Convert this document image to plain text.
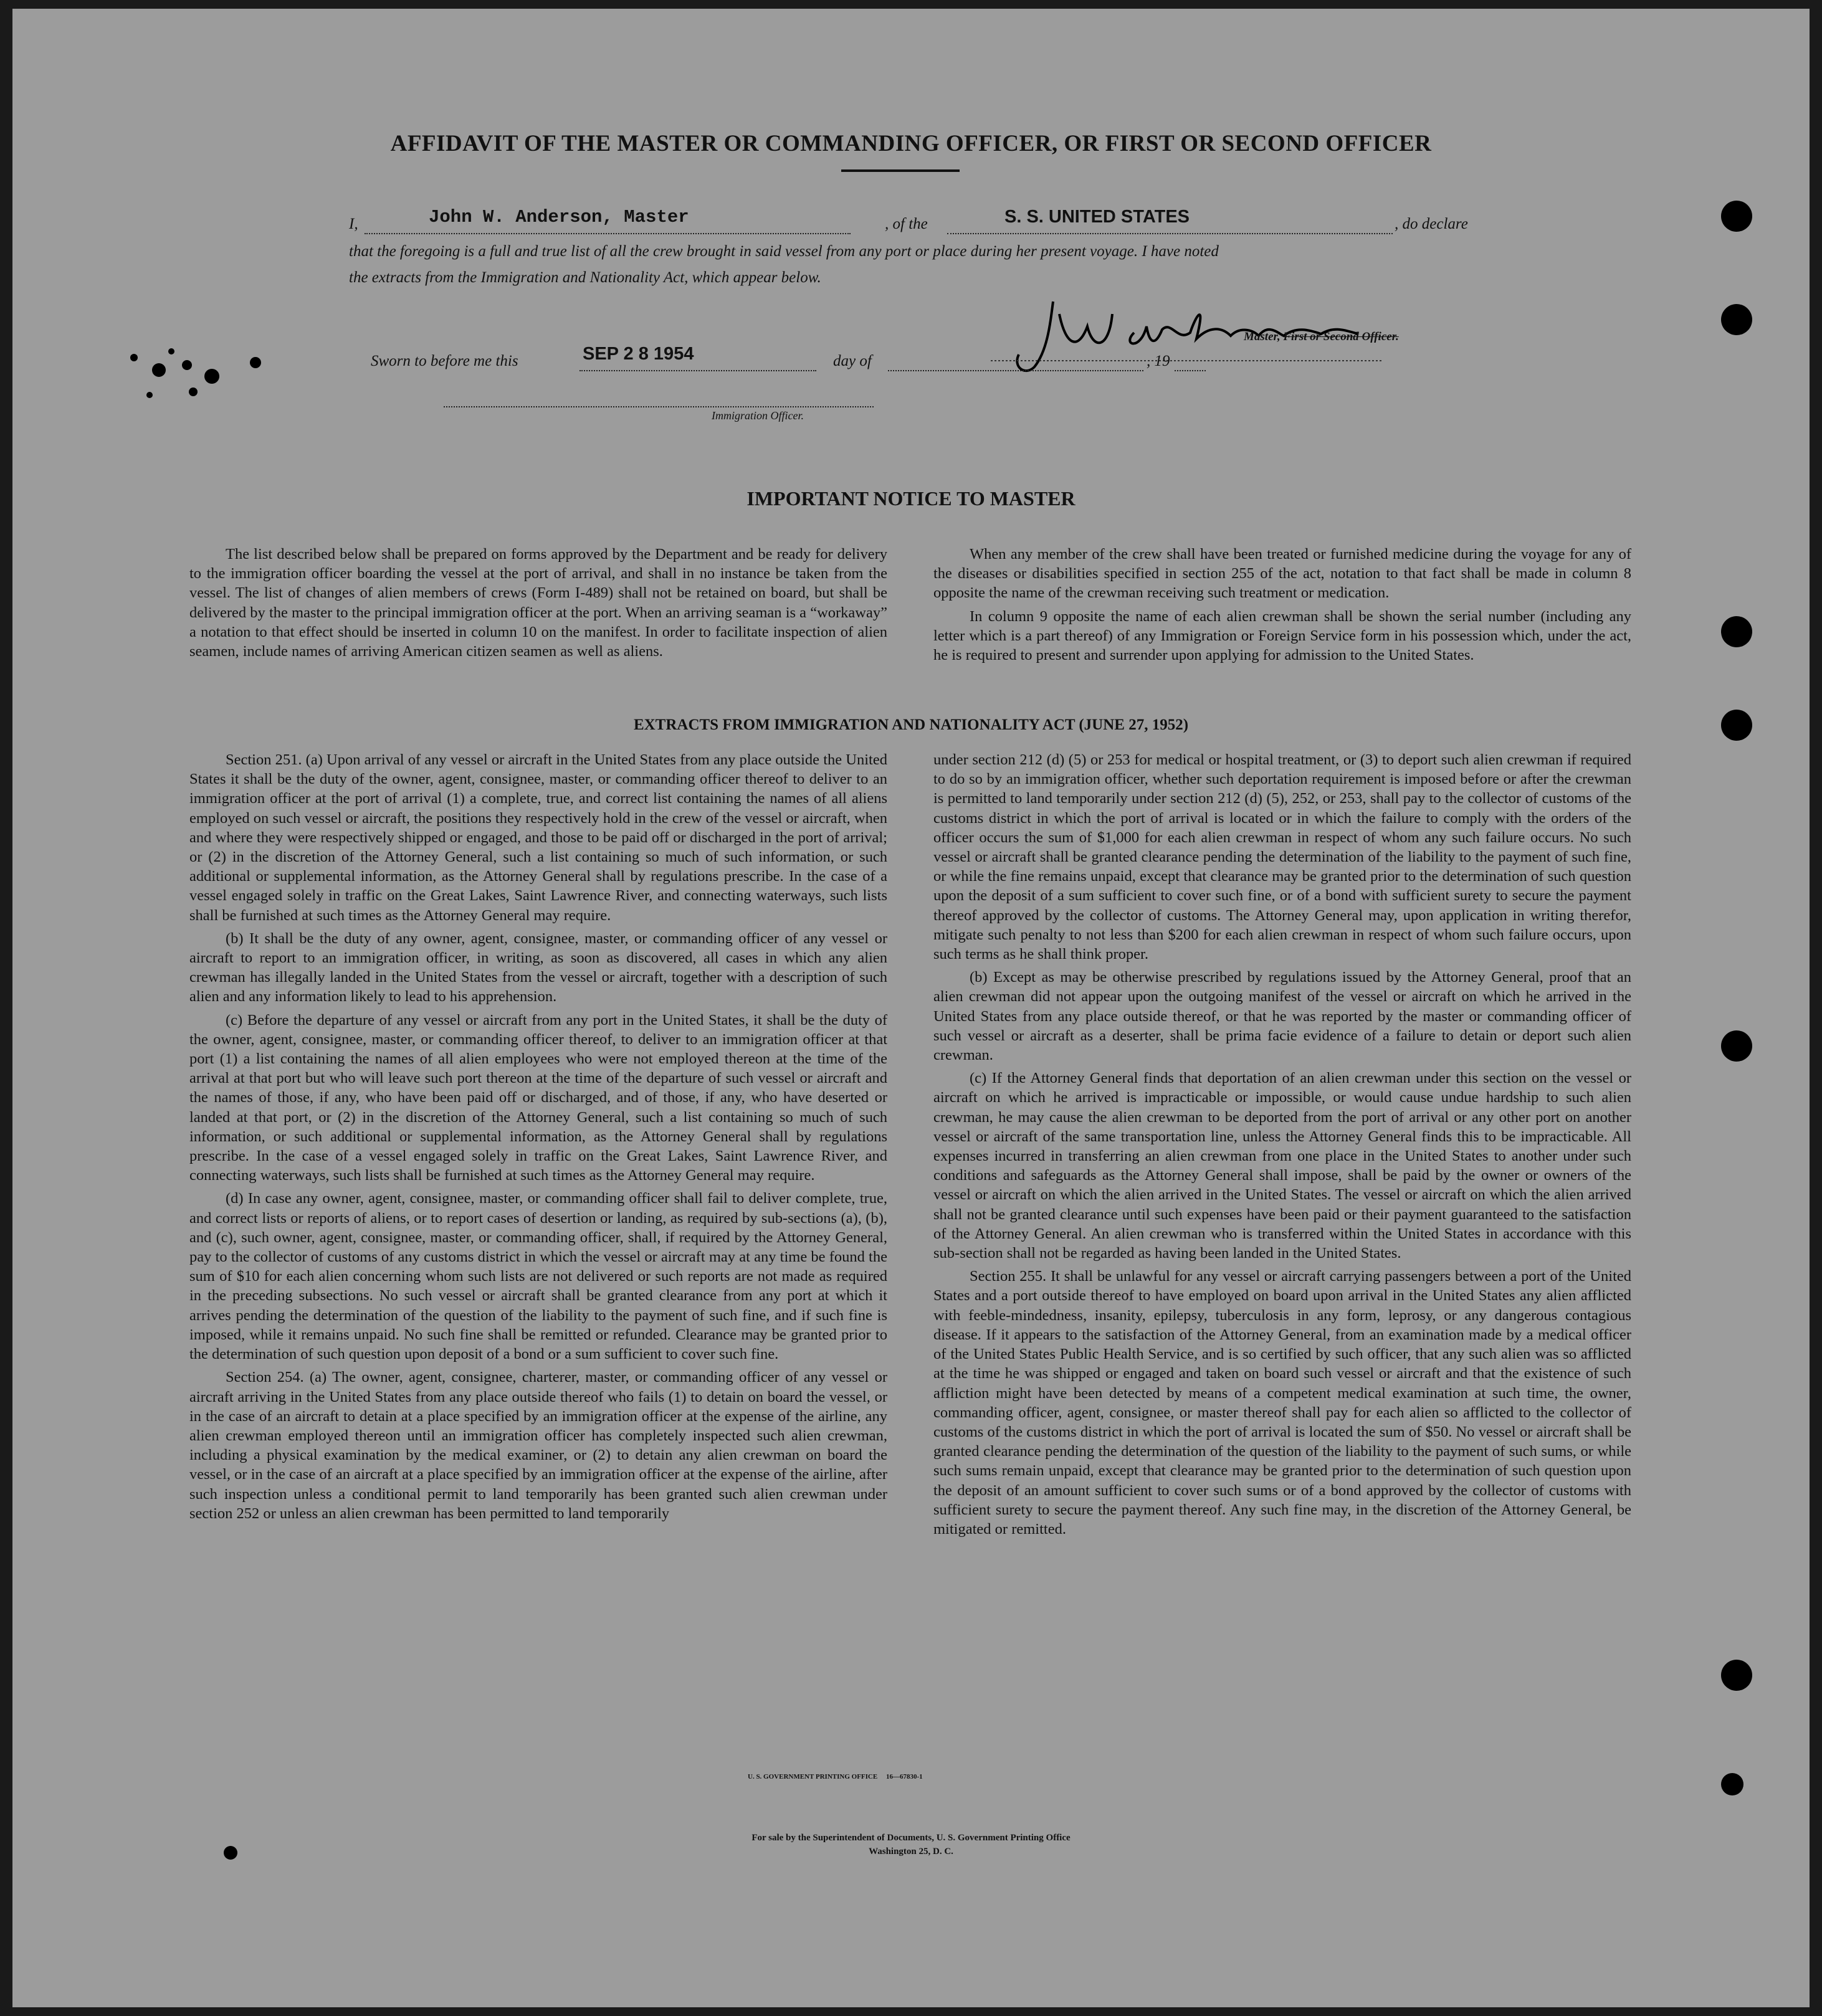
AFFIDAVIT OF THE MASTER OR COMMANDING OFFICER, OR FIRST OR SECOND OFFICER
I,	John W. Anderson, Master	, of the	S. S. UNITED STATES	, do declare
that the foregoing is a full and true list of all the crew brought in said vessel from any port or place during her present voyage. I have noted
the extracts from the Immigration and Nationality Act, which appear below.
Master, First or Second Officer.
Sworn to before me this	SEP 2 8 1954	day of	, 19
Immigration Officer.
IMPORTANT NOTICE TO MASTER

The list described below shall be prepared on forms approved by the Department and be ready for delivery to the immigration officer boarding the vessel at the port of arrival, and shall in no instance be taken from the vessel. The list of changes of alien members of crews (Form I-489) shall not be retained on board, but shall be delivered by the master to the principal immigration officer at the port. When an arriving seaman is a “workaway” a notation to that effect should be inserted in column 10 on the manifest. In order to facilitate inspection of alien seamen, include names of arriving American citizen seamen as well as aliens.

When any member of the crew shall have been treated or furnished medicine during the voyage for any of the diseases or disabilities specified in section 255 of the act, notation to that fact shall be made in column 8 opposite the name of the crewman receiving such treatment or medication.

In column 9 opposite the name of each alien crewman shall be shown the serial number (including any letter which is a part thereof) of any Immigration or Foreign Service form in his possession which, under the act, he is required to present and surrender upon applying for admission to the United States.

EXTRACTS FROM IMMIGRATION AND NATIONALITY ACT (JUNE 27, 1952)

Section 251. (a) Upon arrival of any vessel or aircraft in the United States from any place outside the United States it shall be the duty of the owner, agent, consignee, master, or commanding officer thereof to deliver to an immigration officer at the port of arrival (1) a complete, true, and correct list containing the names of all aliens employed on such vessel or aircraft, the positions they respectively hold in the crew of the vessel or aircraft, when and where they were respectively shipped or engaged, and those to be paid off or discharged in the port of arrival; or (2) in the discretion of the Attorney General, such a list containing so much of such information, or such additional or supplemental information, as the Attorney General shall by regulations prescribe. In the case of a vessel engaged solely in traffic on the Great Lakes, Saint Lawrence River, and connecting waterways, such lists shall be furnished at such times as the Attorney General may require.

(b) It shall be the duty of any owner, agent, consignee, master, or commanding officer of any vessel or aircraft to report to an immigration officer, in writing, as soon as discovered, all cases in which any alien crewman has illegally landed in the United States from the vessel or aircraft, together with a description of such alien and any information likely to lead to his apprehension.

(c) Before the departure of any vessel or aircraft from any port in the United States, it shall be the duty of the owner, agent, consignee, master, or commanding officer thereof, to deliver to an immigration officer at that port (1) a list containing the names of all alien employees who were not employed thereon at the time of the arrival at that port but who will leave such port thereon at the time of the departure of such vessel or aircraft and the names of those, if any, who have been paid off or discharged, and of those, if any, who have deserted or landed at that port, or (2) in the discretion of the Attorney General, such a list containing so much of such information, or such additional or supplemental information, as the Attorney General shall by regulations prescribe. In the case of a vessel engaged solely in traffic on the Great Lakes, Saint Lawrence River, and connecting waterways, such lists shall be furnished at such times as the Attorney General may require.

(d) In case any owner, agent, consignee, master, or commanding officer shall fail to deliver complete, true, and correct lists or reports of aliens, or to report cases of desertion or landing, as required by sub-sections (a), (b), and (c), such owner, agent, consignee, master, or commanding officer, shall, if required by the Attorney General, pay to the collector of customs of any customs district in which the vessel or aircraft may at any time be found the sum of $10 for each alien concerning whom such lists are not delivered or such reports are not made as required in the preceding subsections. No such vessel or aircraft shall be granted clearance from any port at which it arrives pending the determination of the question of the liability to the payment of such fine, and if such fine is imposed, while it remains unpaid. No such fine shall be remitted or refunded. Clearance may be granted prior to the determination of such question upon deposit of a bond or a sum sufficient to cover such fine.

Section 254. (a) The owner, agent, consignee, charterer, master, or commanding officer of any vessel or aircraft arriving in the United States from any place outside thereof who fails (1) to detain on board the vessel, or in the case of an aircraft to detain at a place specified by an immigration officer at the expense of the airline, any alien crewman employed thereon until an immigration officer has completely inspected such alien crewman, including a physical examination by the medical examiner, or (2) to detain any alien crewman on board the vessel, or in the case of an aircraft at a place specified by an immigration officer at the expense of the airline, after such inspection unless a conditional permit to land temporarily has been granted such alien crewman under section 252 or unless an alien crewman has been permitted to land temporarily

under section 212 (d) (5) or 253 for medical or hospital treatment, or (3) to deport such alien crewman if required to do so by an immigration officer, whether such deportation requirement is imposed before or after the crewman is permitted to land temporarily under section 212 (d) (5), 252, or 253, shall pay to the collector of customs of the customs district in which the port of arrival is located or in which the failure to comply with the orders of the officer occurs the sum of $1,000 for each alien crewman in respect of whom any such failure occurs. No such vessel or aircraft shall be granted clearance pending the determination of the liability to the payment of such fine, or while the fine remains unpaid, except that clearance may be granted prior to the determination of such question upon the deposit of a sum sufficient to cover such fine, or of a bond with sufficient surety to secure the payment thereof approved by the collector of customs. The Attorney General may, upon application in writing therefor, mitigate such penalty to not less than $200 for each alien crewman in respect of whom such failure occurs, upon such terms as he shall think proper.

(b) Except as may be otherwise prescribed by regulations issued by the Attorney General, proof that an alien crewman did not appear upon the outgoing manifest of the vessel or aircraft on which he arrived in the United States from any place outside thereof, or that he was reported by the master or commanding officer of such vessel or aircraft as a deserter, shall be prima facie evidence of a failure to detain or deport such alien crewman.

(c) If the Attorney General finds that deportation of an alien crewman under this section on the vessel or aircraft on which he arrived is impracticable or impossible, or would cause undue hardship to such alien crewman, he may cause the alien crewman to be deported from the port of arrival or any other port on another vessel or aircraft of the same transportation line, unless the Attorney General finds this to be impracticable. All expenses incurred in transferring an alien crewman from one place in the United States to another under such conditions and safeguards as the Attorney General shall impose, shall be paid by the owner or owners of the vessel or aircraft on which the alien arrived in the United States. The vessel or aircraft on which the alien arrived shall not be granted clearance until such expenses have been paid or their payment guaranteed to the satisfaction of the Attorney General. An alien crewman who is transferred within the United States in accordance with this sub-section shall not be regarded as having been landed in the United States.

Section 255. It shall be unlawful for any vessel or aircraft carrying passengers between a port of the United States and a port outside thereof to have employed on board upon arrival in the United States any alien afflicted with feeble-mindedness, insanity, epilepsy, tuberculosis in any form, leprosy, or any dangerous contagious disease. If it appears to the satisfaction of the Attorney General, from an examination made by a medical officer of the United States Public Health Service, and is so certified by such officer, that any such alien was so afflicted at the time he was shipped or engaged and taken on board such vessel or aircraft and that the existence of such affliction might have been detected by means of a competent medical examination at such time, the owner, commanding officer, agent, consignee, or master thereof shall pay for each alien so afflicted to the collector of customs of the customs district in which the port of arrival is located the sum of $50. No vessel or aircraft shall be granted clearance pending the determination of the question of the liability to the payment of such sums, or while such sums remain unpaid, except that clearance may be granted prior to the determination of such question upon the deposit of an amount sufficient to cover such sums or of a bond approved by the collector of customs with sufficient surety to secure the payment thereof. Any such fine may, in the discretion of the Attorney General, be mitigated or remitted.

U. S. GOVERNMENT PRINTING OFFICE     16—67830-1
For sale by the Superintendent of Documents, U. S. Government Printing Office
Washington 25, D. C.
